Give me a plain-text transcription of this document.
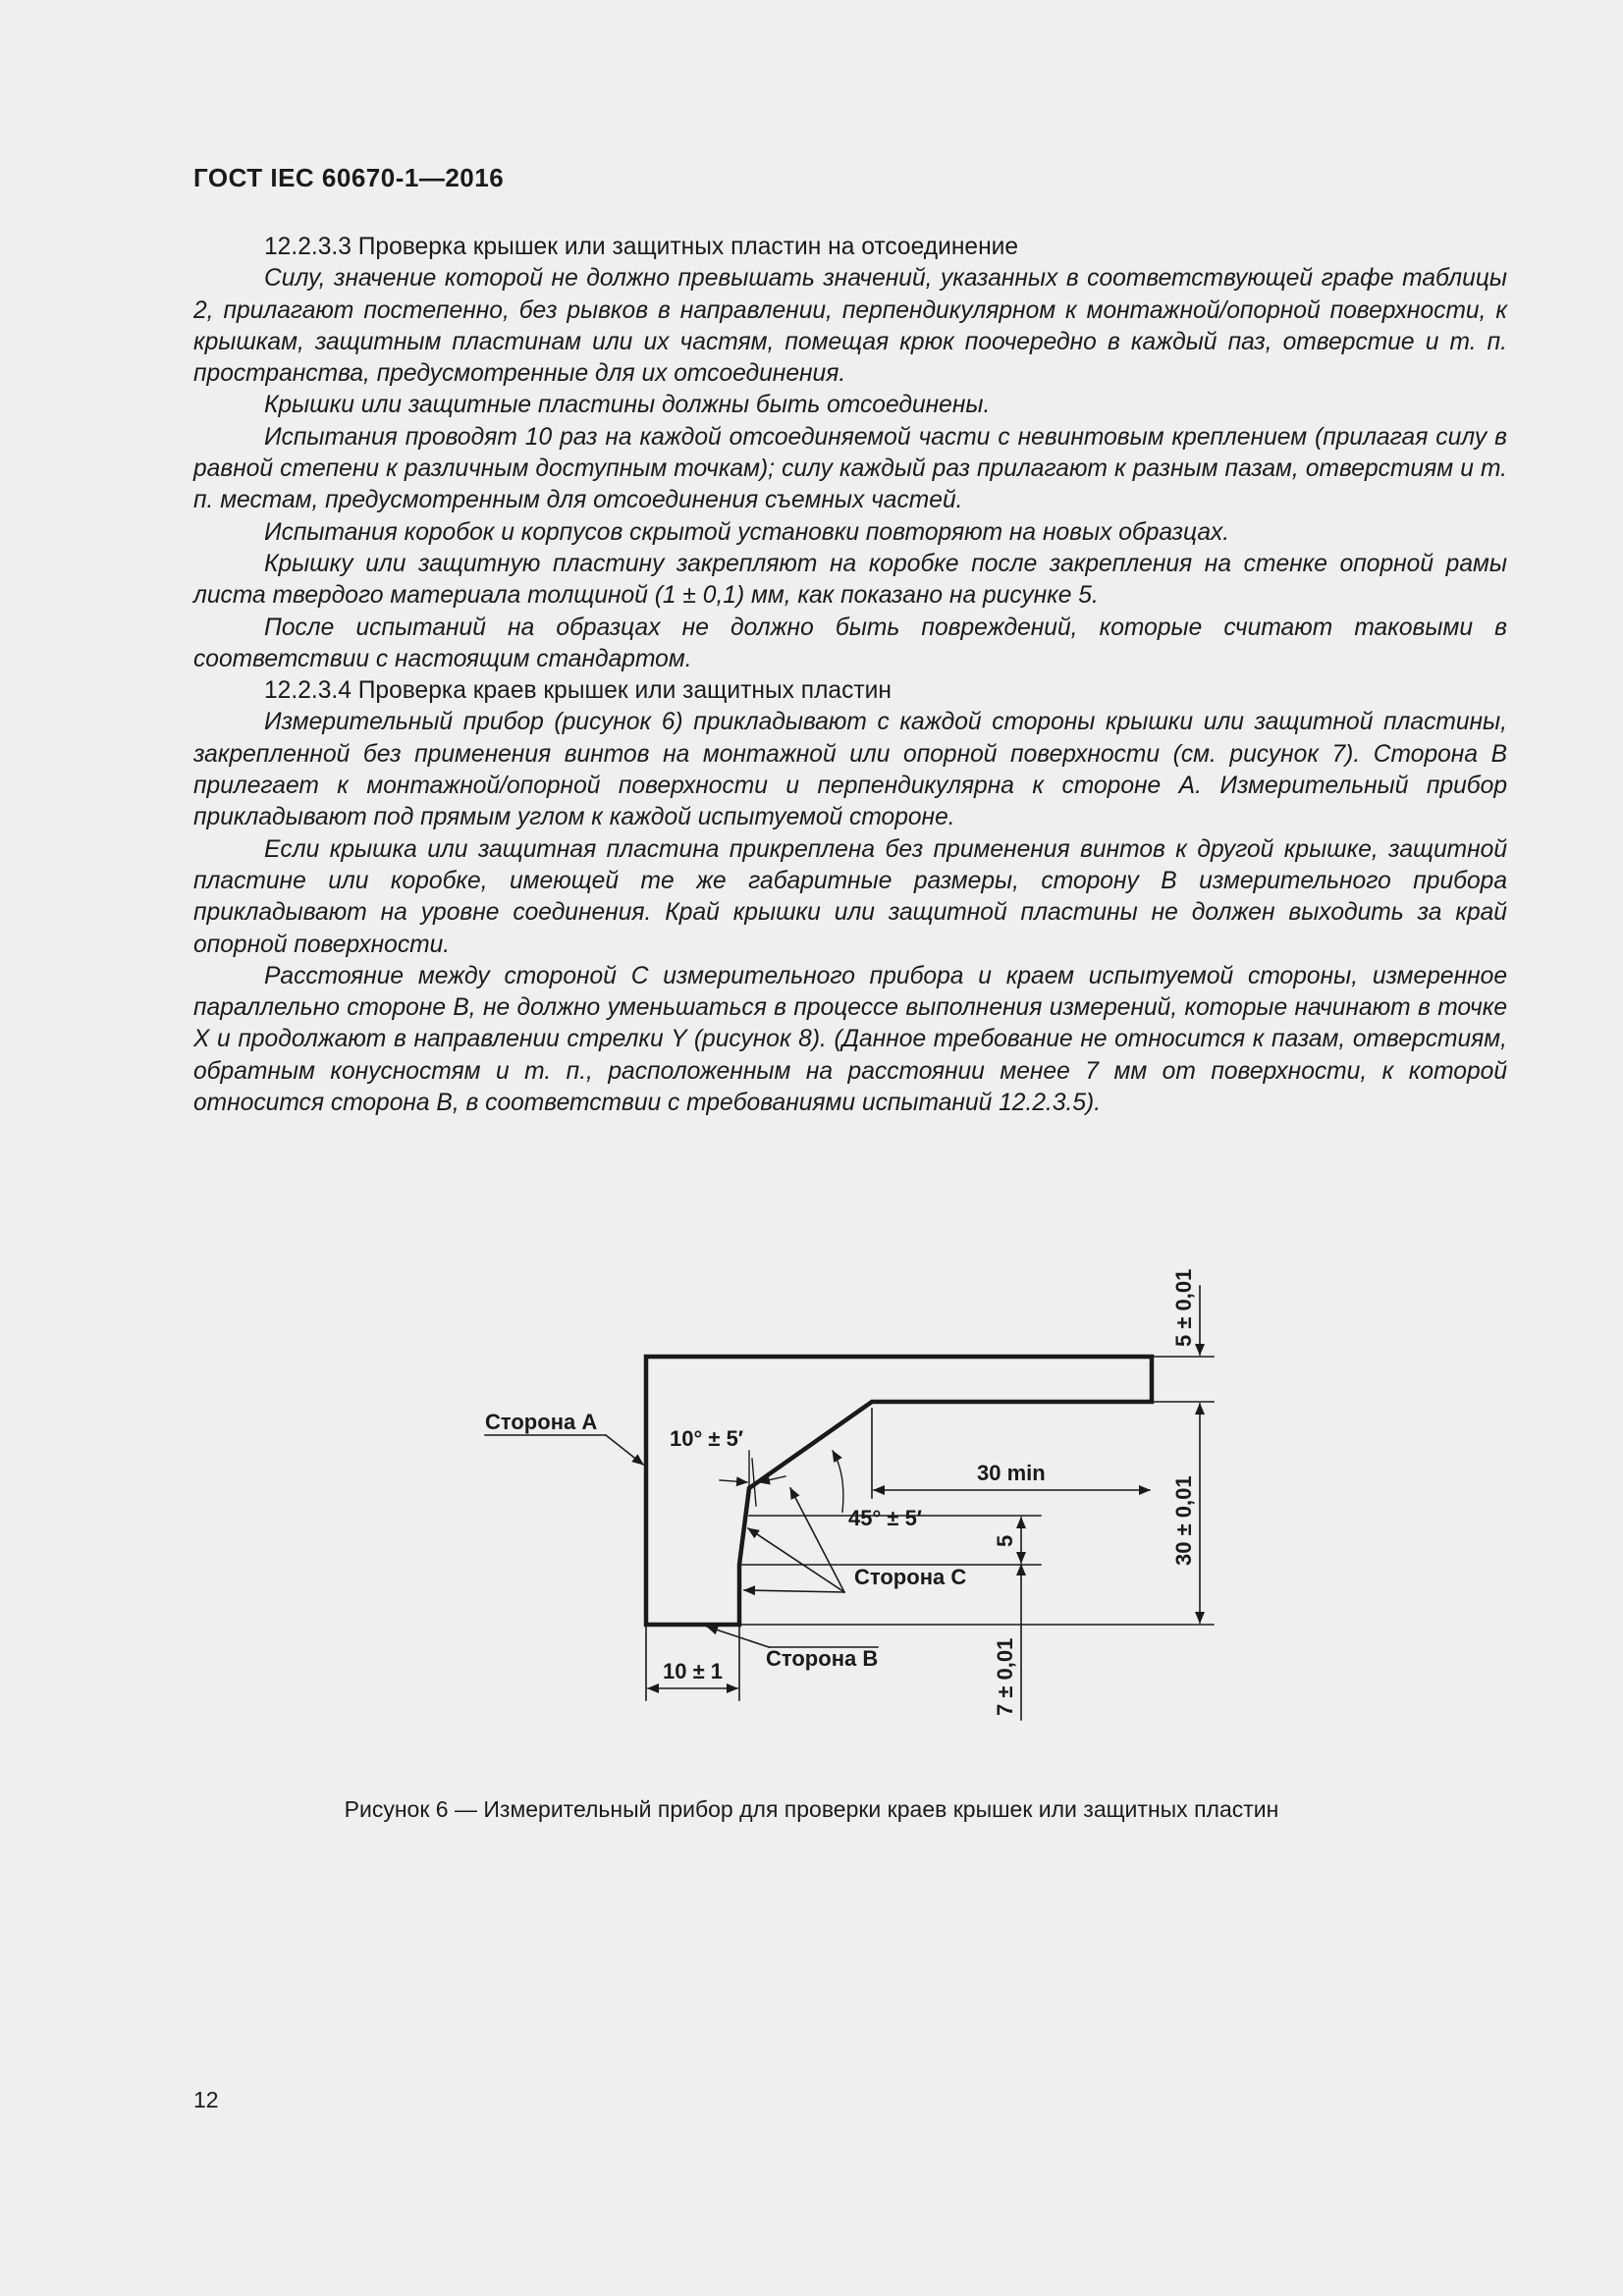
ГОСТ IEC 60670-1—2016

12.2.3.3 Проверка крышек или защитных пластин на отсоединение

Силу, значение которой не должно превышать значений, указанных в соответствующей графе таблицы 2, прилагают постепенно, без рывков в направлении, перпендикулярном к монтажной/опорной поверхности, к крышкам, защитным пластинам или их частям, помещая крюк поочередно в каждый паз, отверстие и т. п. пространства, предусмотренные для их отсоединения.

Крышки или защитные пластины должны быть отсоединены.

Испытания проводят 10 раз на каждой отсоединяемой части с невинтовым креплением (прилагая силу в равной степени к различным доступным точкам); силу каждый раз прилагают к разным пазам, отверстиям и т. п. местам, предусмотренным для отсоединения съемных частей.

Испытания коробок и корпусов скрытой установки повторяют на новых образцах.

Крышку или защитную пластину закрепляют на коробке после закрепления на стенке опорной рамы листа твердого материала толщиной (1 ± 0,1) мм, как показано на рисунке 5.

После испытаний на образцах не должно быть повреждений, которые считают таковыми в соответствии с настоящим стандартом.

12.2.3.4 Проверка краев крышек или защитных пластин

Измерительный прибор (рисунок 6) прикладывают с каждой стороны крышки или защитной пластины, закрепленной без применения винтов на монтажной или опорной поверхности (см. рисунок 7). Сторона В прилегает к монтажной/опорной поверхности и перпендикулярна к стороне А. Измерительный прибор прикладывают под прямым углом к каждой испытуемой стороне.

Если крышка или защитная пластина прикреплена без применения винтов к другой крышке, защитной пластине или коробке, имеющей те же габаритные размеры, сторону В измерительного прибора прикладывают на уровне соединения. Край крышки или защитной пластины не должен выходить за край опорной поверхности.

Расстояние между стороной С измерительного прибора и краем испытуемой стороны, измеренное параллельно стороне В, не должно уменьшаться в процессе выполнения измерений, которые начинают в точке X и продолжают в направлении стрелки Y (рисунок 8). (Данное требование не относится к пазам, отверстиям, обратным конусностям и т. п., расположенным на расстоянии менее 7 мм от поверхности, к которой относится сторона В, в соответствии с требованиями испытаний 12.2.3.5).

Сторона А
Сторона В
Сторона С
10° ± 5′
45° ± 5′
30 min
10 ± 1
5 ± 0,01
30 ± 0,01
5
7 ± 0,01
Рисунок 6 — Измерительный прибор для проверки краев крышек или защитных пластин
12
